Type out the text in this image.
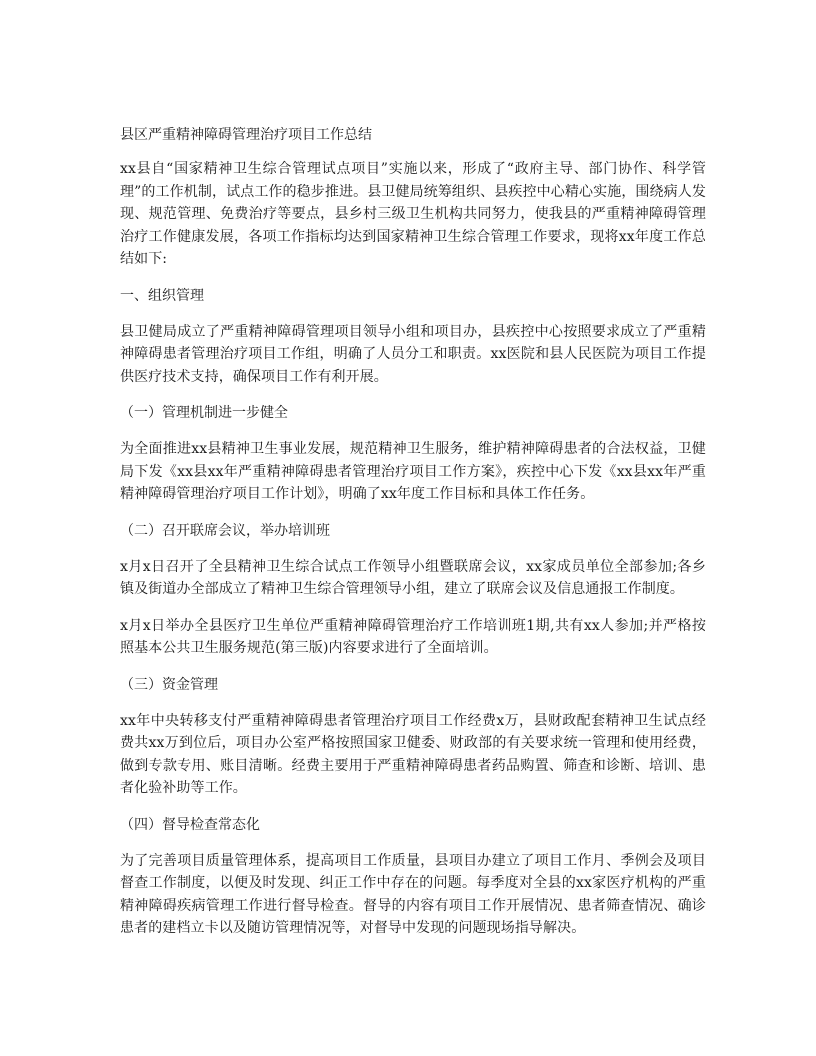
县区严重精神障碍管理治疗项目工作总结
xx县自“国家精神卫生综合管理试点项目”实施以来，形成了“政府主导、部门协作、科学管理”的工作机制，试点工作的稳步推进。县卫健局统筹组织、县疾控中心精心实施，围绕病人发现、规范管理、免费治疗等要点，县乡村三级卫生机构共同努力，使我县的严重精神障碍管理治疗工作健康发展，各项工作指标均达到国家精神卫生综合管理工作要求，现将xx年度工作总结如下:
一、组织管理
县卫健局成立了严重精神障碍管理项目领导小组和项目办，县疾控中心按照要求成立了严重精神障碍患者管理治疗项目工作组，明确了人员分工和职责。xx医院和县人民医院为项目工作提供医疗技术支持，确保项目工作有利开展。
（一）管理机制进一步健全
为全面推进xx县精神卫生事业发展，规范精神卫生服务，维护精神障碍患者的合法权益，卫健局下发《xx县xx年严重精神障碍患者管理治疗项目工作方案》，疾控中心下发《xx县xx年严重精神障碍管理治疗项目工作计划》，明确了xx年度工作目标和具体工作任务。
（二）召开联席会议，举办培训班
x月x日召开了全县精神卫生综合试点工作领导小组暨联席会议，xx家成员单位全部参加;各乡镇及街道办全部成立了精神卫生综合管理领导小组，建立了联席会议及信息通报工作制度。
x月x日举办全县医疗卫生单位严重精神障碍管理治疗工作培训班1期,共有xx人参加;并严格按照基本公共卫生服务规范(第三版)内容要求进行了全面培训。
（三）资金管理
xx年中央转移支付严重精神障碍患者管理治疗项目工作经费x万，县财政配套精神卫生试点经费共xx万到位后，项目办公室严格按照国家卫健委、财政部的有关要求统一管理和使用经费，做到专款专用、账目清晰。经费主要用于严重精神障碍患者药品购置、筛查和诊断、培训、患者化验补助等工作。
（四）督导检查常态化
为了完善项目质量管理体系，提高项目工作质量，县项目办建立了项目工作月、季例会及项目督查工作制度，以便及时发现、纠正工作中存在的问题。每季度对全县的xx家医疗机构的严重精神障碍疾病管理工作进行督导检查。督导的内容有项目工作开展情况、患者筛查情况、确诊患者的建档立卡以及随访管理情况等，对督导中发现的问题现场指导解决。
